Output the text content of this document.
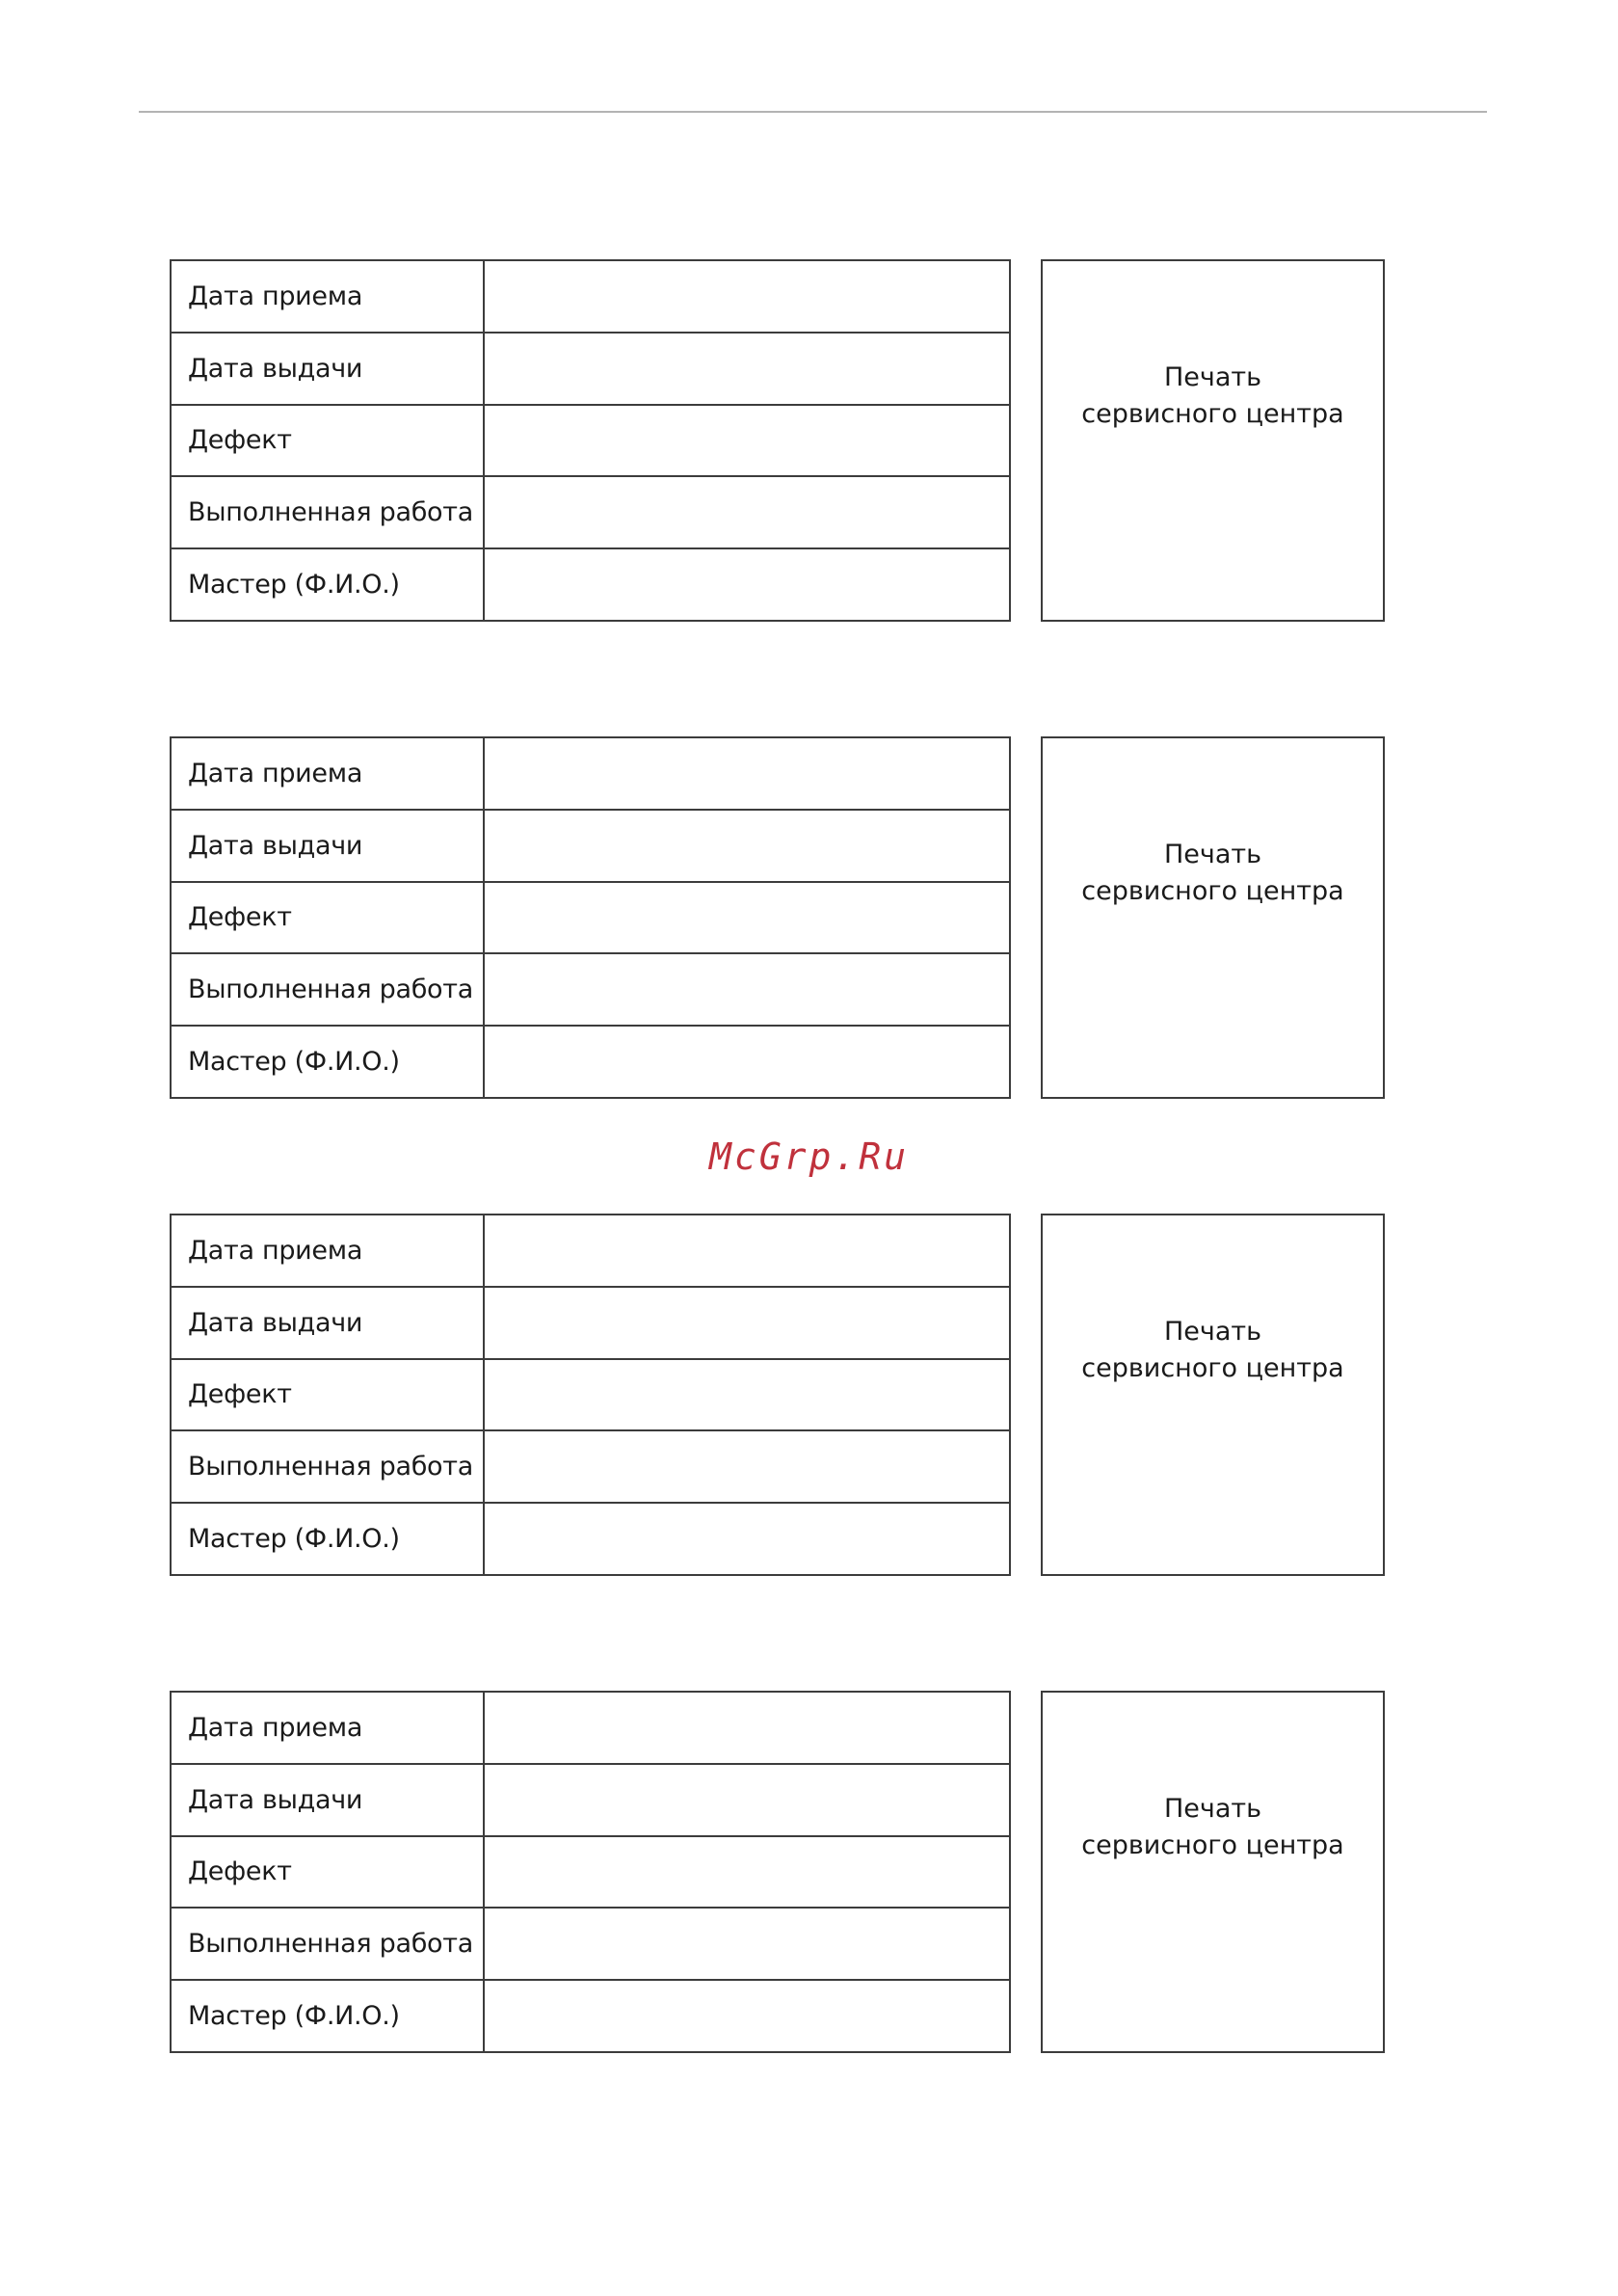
Дата приема	
Дата выдачи	
Дефект	
Выполненная работа	
Мастер (Ф.И.О.)	
Печать
сервисного центра
Дата приема	
Дата выдачи	
Дефект	
Выполненная работа	
Мастер (Ф.И.О.)	
Печать
сервисного центра
McGrp.Ru
Дата приема	
Дата выдачи	
Дефект	
Выполненная работа	
Мастер (Ф.И.О.)	
Печать
сервисного центра
Дата приема	
Дата выдачи	
Дефект	
Выполненная работа	
Мастер (Ф.И.О.)	
Печать
сервисного центра
